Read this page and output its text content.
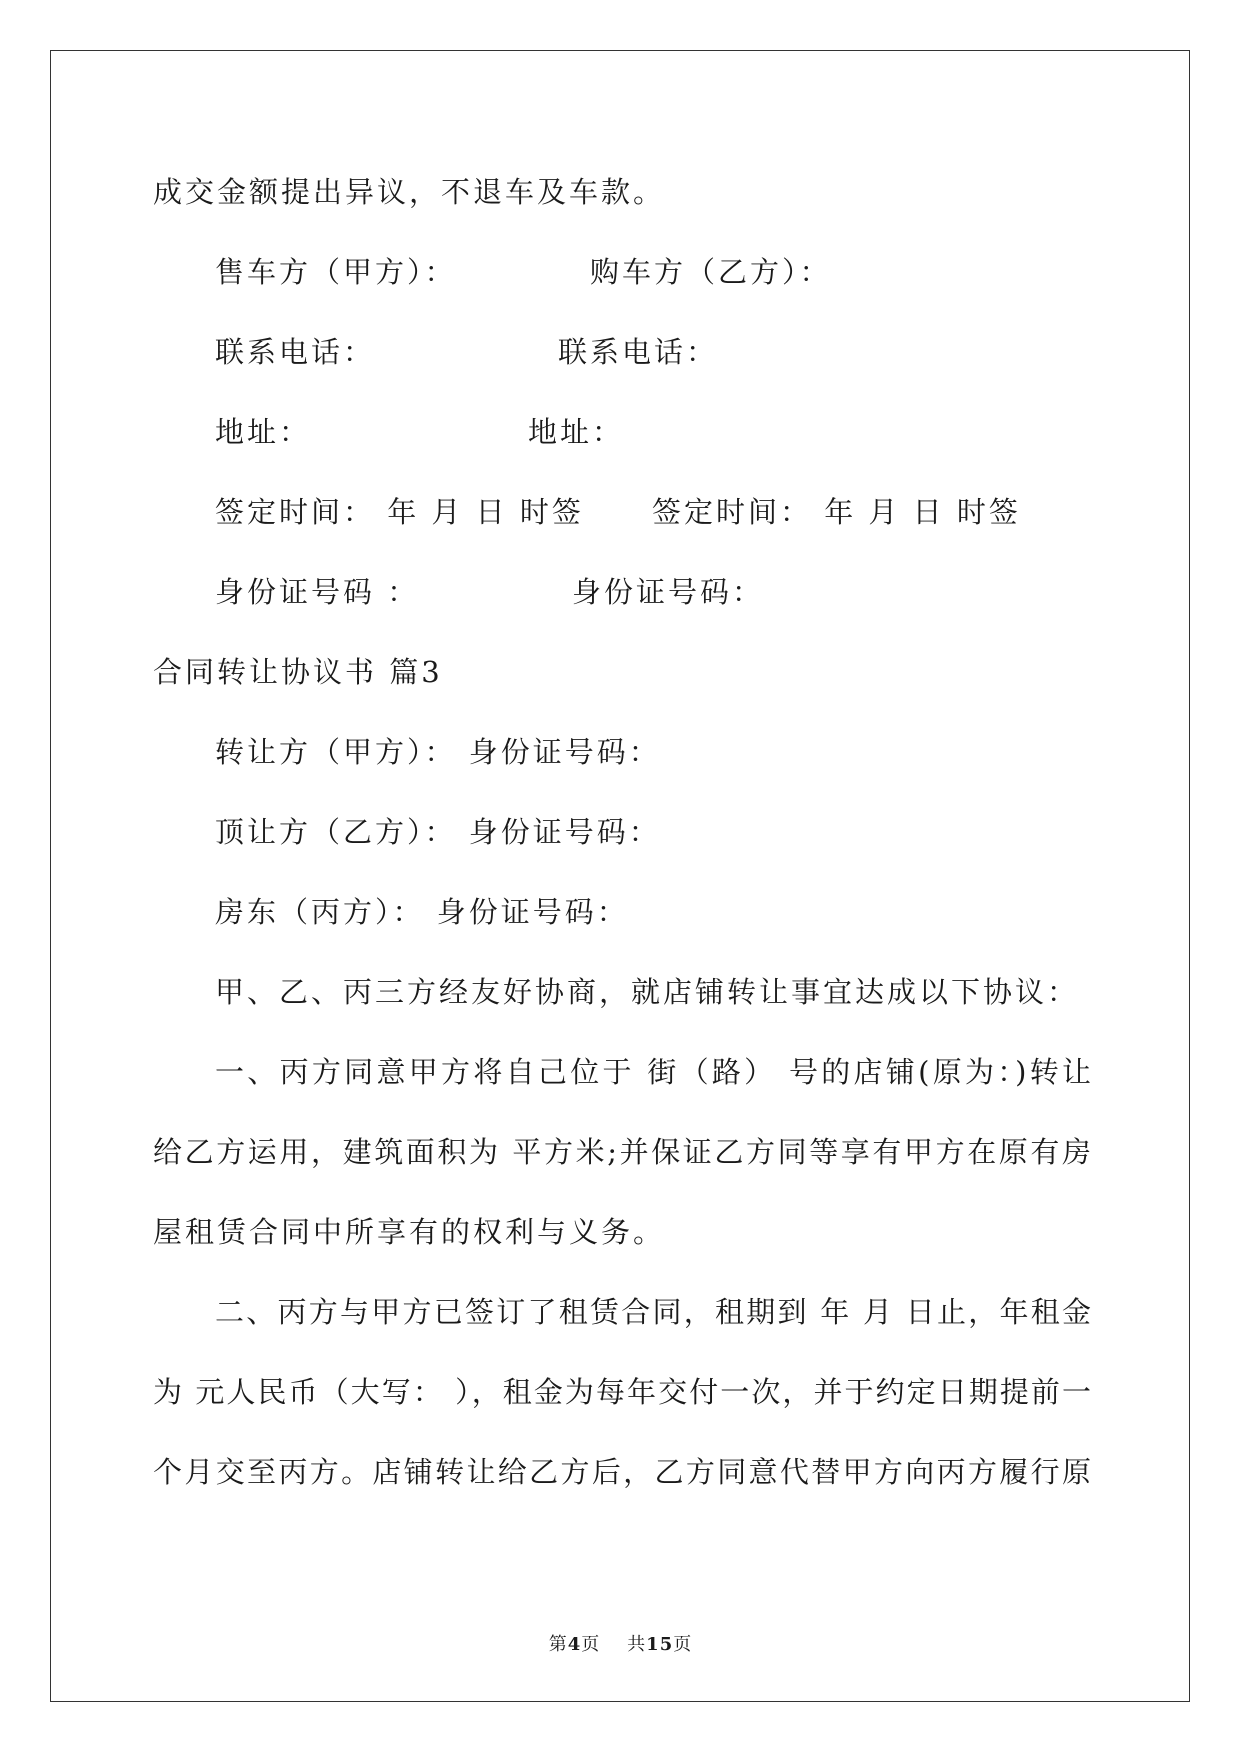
成交金额提出异议，不退车及车款。
售车方（甲方）：	购车方（乙方）：
联系电话：	联系电话：
地址：	地址：
签定时间： 年 月 日 时签 签定时间： 年 月 日 时签
身份证号码 ：	身份证号码：
合同转让协议书 篇3
转让方（甲方）： 身份证号码：
顶让方（乙方）： 身份证号码：
房东（丙方）： 身份证号码：
甲、乙、丙三方经友好协商，就店铺转让事宜达成以下协议：
一、丙方同意甲方将自己位于 街（路） 号的店铺(原为：)转让
给乙方运用，建筑面积为 平方米;并保证乙方同等享有甲方在原有房
屋租赁合同中所享有的权利与义务。
二、丙方与甲方已签订了租赁合同，租期到 年 月 日止，年租金
为 元人民币（大写： ），租金为每年交付一次，并于约定日期提前一
个月交至丙方。店铺转让给乙方后，乙方同意代替甲方向丙方履行原
第4页 共15页
